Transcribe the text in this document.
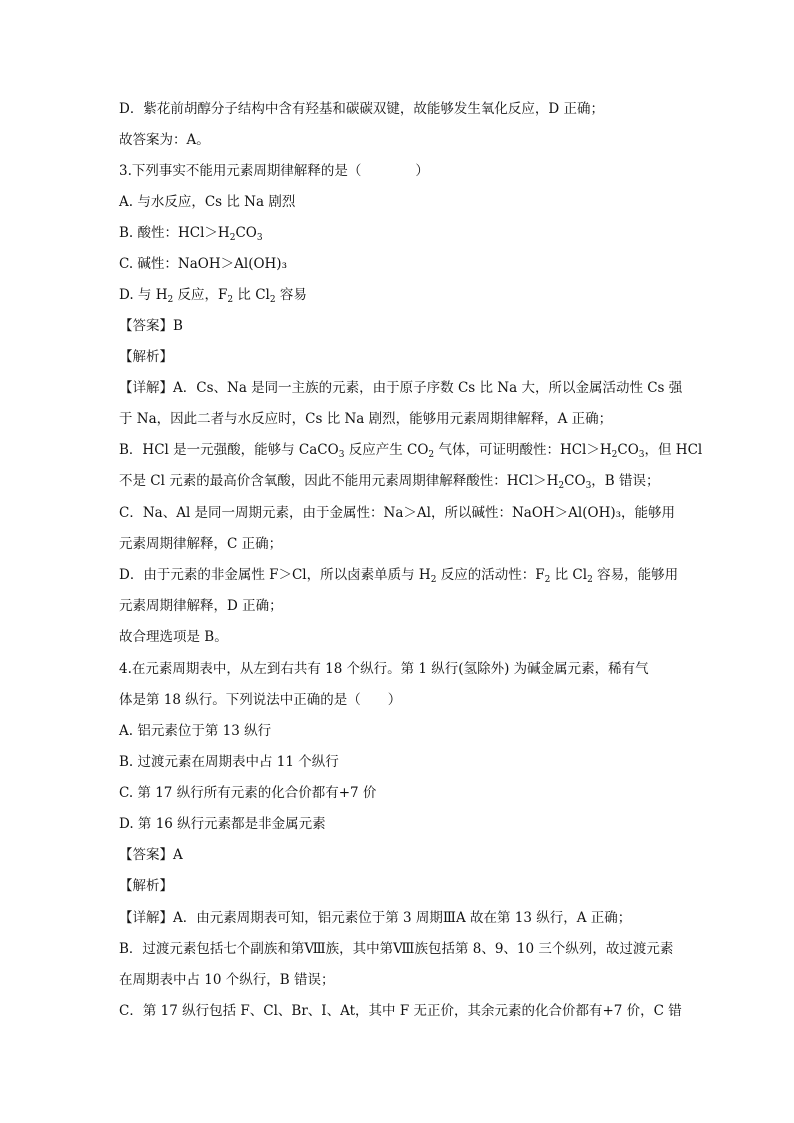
D．紫花前胡醇分子结构中含有羟基和碳碳双键，故能够发生氧化反应，D 正确；
故答案为：A。
3.下列事实不能用元素周期律解释的是（　　　　）
A. 与水反应，Cs 比 Na 剧烈
B. 酸性：$HCl>H_2CO_3$
C. 碱性：NaOH＞Al(OH)₃
D. 与 $H_2$ 反应，$F_2$ 比 $Cl_2$ 容易
【答案】B
【解析】
【详解】A．Cs、Na 是同一主族的元素，由于原子序数 Cs 比 Na 大，所以金属活动性 Cs 强
于 Na，因此二者与水反应时，Cs 比 Na 剧烈，能够用元素周期律解释，A 正确；
B．HCl 是一元强酸，能够与 CaCO$_3$ 反应产生 $CO_2$ 气体，可证明酸性：$HCl>H_2CO_3$，但 HCl
不是 Cl 元素的最高价含氧酸，因此不能用元素周期律解释酸性：$HCl>H_2CO_3$，B 错误；
C．Na、Al 是同一周期元素，由于金属性：Na＞Al，所以碱性：NaOH＞Al(OH)₃，能够用
元素周期律解释，C 正确；
D．由于元素的非金属性 F＞Cl，所以卤素单质与 $H_2$ 反应的活动性：$F_2$ 比 $Cl_2$ 容易，能够用
元素周期律解释，D 正确；
故合理选项是 B。
4.在元素周期表中，从左到右共有 18 个纵行。第 1 纵行(氢除外) 为碱金属元素，稀有气
体是第 18 纵行。下列说法中正确的是（　　）
A. 铝元素位于第 13 纵行
B. 过渡元素在周期表中占 11 个纵行
C. 第 17 纵行所有元素的化合价都有+7 价
D. 第 16 纵行元素都是非金属元素
【答案】A
【解析】
【详解】A．由元素周期表可知，铝元素位于第 3 周期ⅢA 故在第 13 纵行，A 正确；
B．过渡元素包括七个副族和第Ⅷ族，其中第Ⅷ族包括第 8、9、10 三个纵列，故过渡元素
在周期表中占 10 个纵行，B 错误；
C．第 17 纵行包括 F、Cl、Br、I、At，其中 F 无正价，其余元素的化合价都有+7 价，C 错
